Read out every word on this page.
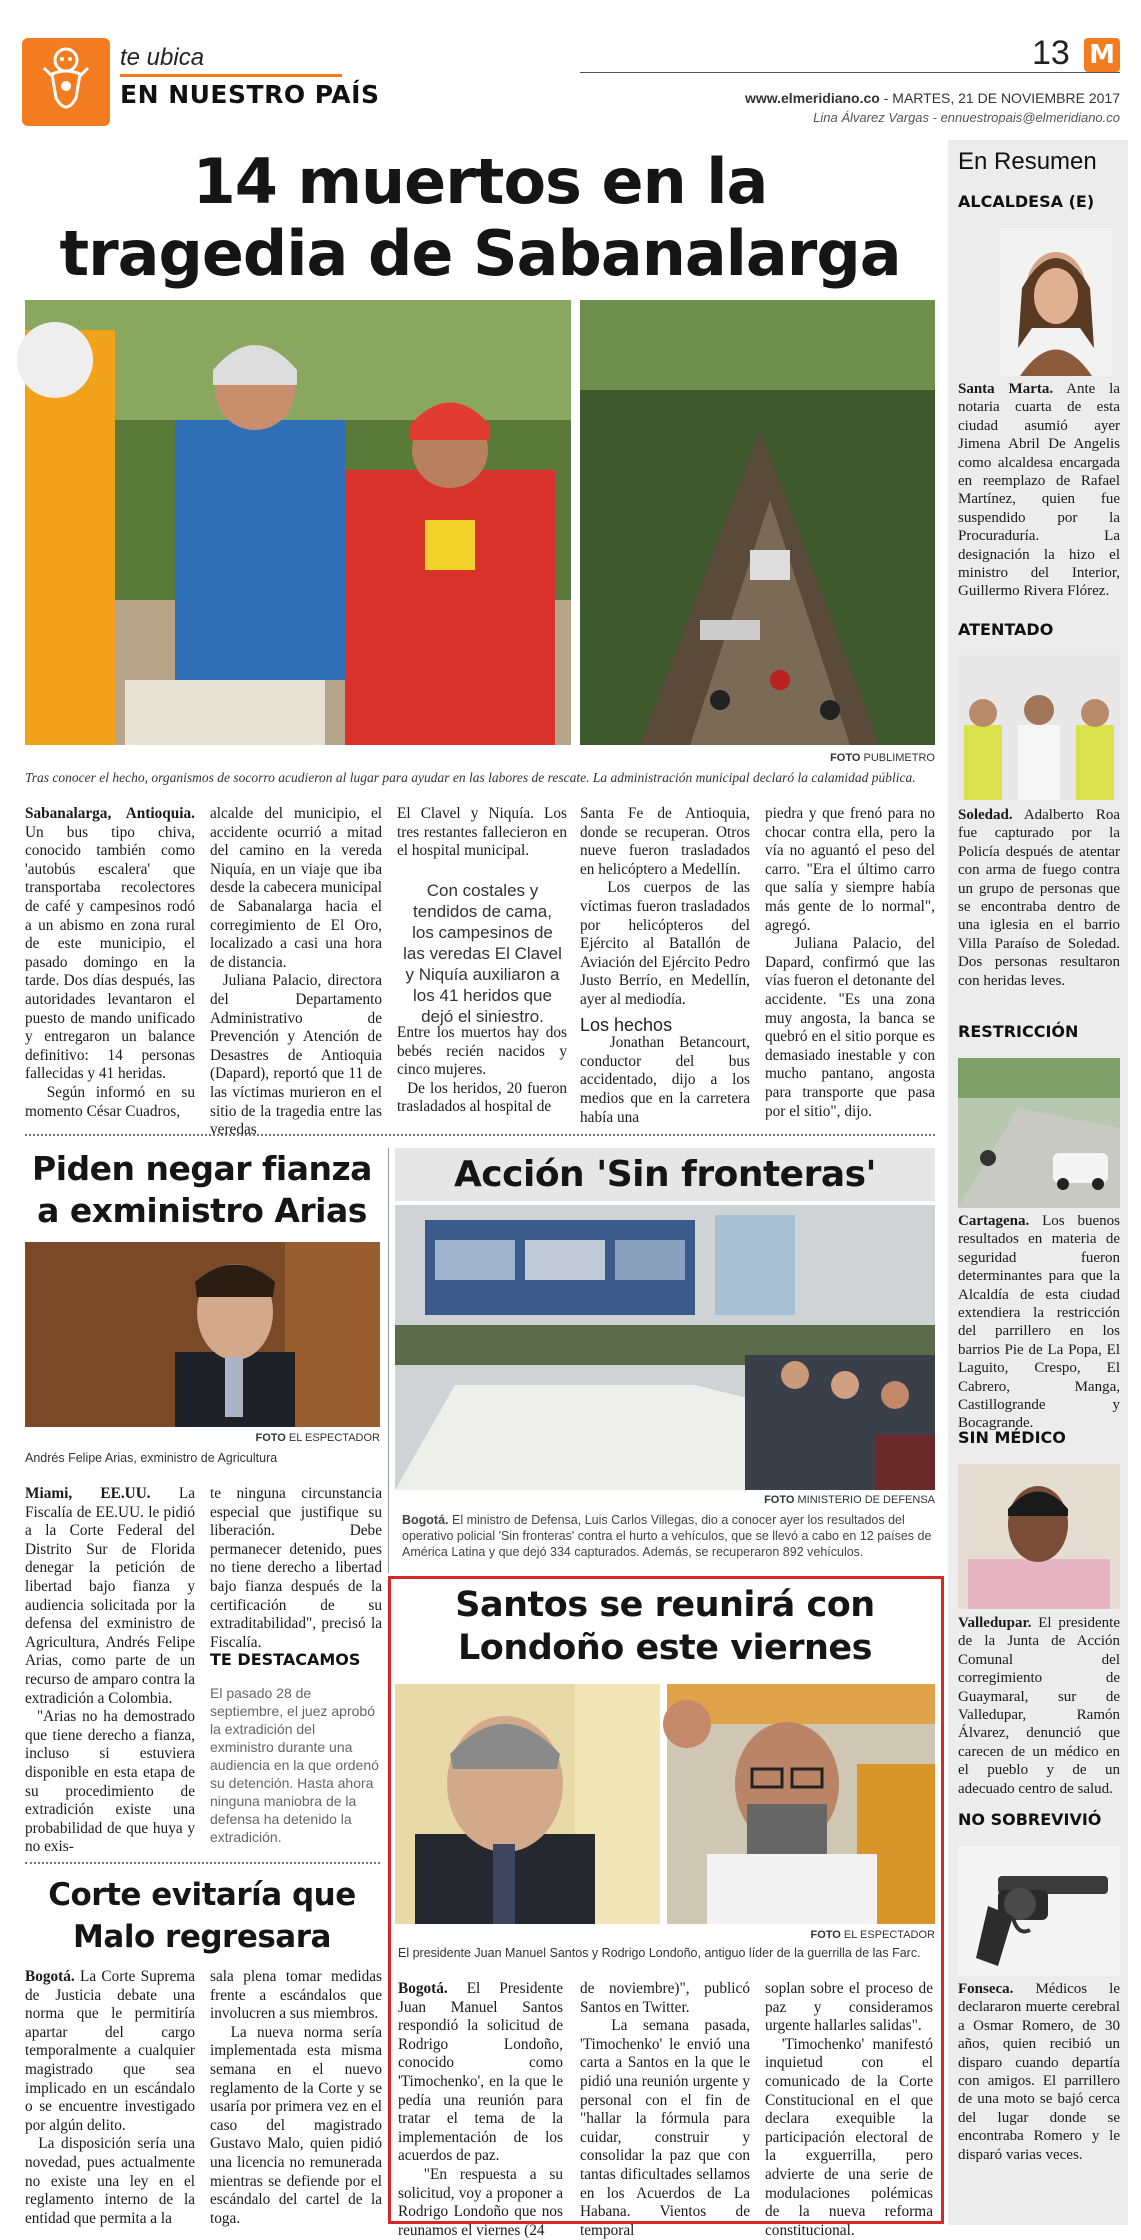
te ubica
EN NUESTRO PAÍS
13 M
www.elmeridiano.co - MARTES, 21 DE NOVIEMBRE 2017
Lina Álvarez Vargas - ennuestropais@elmeridiano.co
14 muertos en la
tragedia de Sabanalarga
FOTO PUBLIMETRO
Tras conocer el hecho, organismos de socorro acudieron al lugar para ayudar en las labores de rescate. La administración municipal declaró la calamidad pública.

Sabanalarga, Antioquia. Un bus tipo chiva, conocido también como 'autobús escalera' que transportaba recolectores de café y campesinos rodó a un abismo en zona rural de este municipio, el pasado domingo en la tarde. Dos días después, las autoridades levantaron el puesto de mando unificado y entregaron un balance definitivo: 14 personas fallecidas y 41 heridas.

Según informó en su momento César Cuadros,

alcalde del municipio, el accidente ocurrió a mitad del camino en la vereda Niquía, en un viaje que iba desde la cabecera municipal de Sabanalarga hacia el corregimiento de El Oro, localizado a casi una hora de distancia.

Juliana Palacio, directora del Departamento Administrativo de Prevención y Atención de Desastres de Antioquia (Dapard), reportó que 11 de las víctimas murieron en el sitio de la tragedia entre las veredas

El Clavel y Niquía. Los tres restantes fallecieron en el hospital municipal.

Con costales y tendidos de cama, los campesinos de las veredas El Clavel y Niquía auxiliaron a los 41 heridos que dejó el siniestro.

Entre los muertos hay dos bebés recién nacidos y cinco mujeres.

De los heridos, 20 fueron trasladados al hospital de

Santa Fe de Antioquia, donde se recuperan. Otros nueve fueron trasladados en helicóptero a Medellín.

Los cuerpos de las víctimas fueron trasladados por helicópteros del Ejército al Batallón de Aviación del Ejército Pedro Justo Berrío, en Medellín, ayer al mediodía.

Los hechos

Jonathan Betancourt, conductor del bus accidentado, dijo a los medios que en la carretera había una

piedra y que frenó para no chocar contra ella, pero la vía no aguantó el peso del carro. "Era el último carro que salía y siempre había más gente de lo normal", agregó.

Juliana Palacio, del Dapard, confirmó que las vías fueron el detonante del accidente. "Es una zona muy angosta, la banca se quebró en el sitio porque es demasiado inestable y con mucho pantano, angosta para transporte que pasa por el sitio", dijo.

Piden negar fianza
a exministro Arias
FOTO EL ESPECTADOR
Andrés Felipe Arias, exministro de Agricultura

Miami, EE.UU. La Fiscalía de EE.UU. le pidió a la Corte Federal del Distrito Sur de Florida denegar la petición de libertad bajo fianza y audiencia solicitada por la defensa del exministro de Agricultura, Andrés Felipe Arias, como parte de un recurso de amparo contra la extradición a Colombia.

"Arias no ha demostrado que tiene derecho a fianza, incluso si estuviera disponible en esta etapa de su procedimiento de extradición existe una probabilidad de que huya y no exis-

te ninguna circunstancia especial que justifique su liberación. Debe permanecer detenido, pues no tiene derecho a libertad bajo fianza después de la certificación de su extraditabilidad", precisó la Fiscalía.

TE DESTACAMOS
El pasado 28 de septiembre, el juez aprobó la extradición del exministro durante una audiencia en la que ordenó su detención. Hasta ahora ninguna maniobra de la defensa ha detenido la extradición.
Corte evitaría que
Malo regresara

Bogotá. La Corte Suprema de Justicia debate una norma que le permitiría apartar del cargo temporalmente a cualquier magistrado que sea implicado en un escándalo o se encuentre investigado por algún delito.

La disposición sería una novedad, pues actualmente no existe una ley en el reglamento interno de la entidad que permita a la

sala plena tomar medidas frente a escándalos que involucren a sus miembros.

La nueva norma sería implementada esta misma semana en el nuevo reglamento de la Corte y se usaría por primera vez en el caso del magistrado Gustavo Malo, quien pidió una licencia no remunerada mientras se defiende por el escándalo del cartel de la toga.

Acción 'Sin fronteras'
FOTO MINISTERIO DE DEFENSA
Bogotá. El ministro de Defensa, Luis Carlos Villegas, dio a conocer ayer los resultados del operativo policial 'Sin fronteras' contra el hurto a vehículos, que se llevó a cabo en 12 países de América Latina y que dejó 334 capturados. Además, se recuperaron 892 vehículos.
Santos se reunirá con
Londoño este viernes
FOTO EL ESPECTADOR
El presidente Juan Manuel Santos y Rodrigo Londoño, antiguo líder de la guerrilla de las Farc.

Bogotá. El Presidente Juan Manuel Santos respondió la solicitud de Rodrigo Londoño, conocido como 'Timochenko', en la que le pedía una reunión para tratar el tema de la implementación de los acuerdos de paz.

"En respuesta a su solicitud, voy a proponer a Rodrigo Londoño que nos reunamos el viernes (24

de noviembre)", publicó Santos en Twitter.

La semana pasada, 'Timochenko' le envió una carta a Santos en la que le pidió una reunión urgente y personal con el fin de "hallar la fórmula para cuidar, construir y consolidar la paz que con tantas dificultades sellamos en los Acuerdos de La Habana. Vientos de temporal

soplan sobre el proceso de paz y consideramos urgente hallarles salidas".

'Timochenko' manifestó inquietud con el comunicado de la Corte Constitucional en el que declara exequible la participación electoral de la exguerrilla, pero advierte de una serie de modulaciones polémicas de la nueva reforma constitucional.

En Resumen
ALCALDESA (E)
Santa Marta. Ante la notaria cuarta de esta ciudad asumió ayer Jimena Abril De Angelis como alcaldesa encargada en reemplazo de Rafael Martínez, quien fue suspendido por la Procuraduría. La designación la hizo el ministro del Interior, Guillermo Rivera Flórez.
ATENTADO
Soledad. Adalberto Roa fue capturado por la Policía después de atentar con arma de fuego contra un grupo de personas que se encontraba dentro de una iglesia en el barrio Villa Paraíso de Soledad. Dos personas resultaron con heridas leves.
RESTRICCIÓN
Cartagena. Los buenos resultados en materia de seguridad fueron determinantes para que la Alcaldía de esta ciudad extendiera la restricción del parrillero en los barrios Pie de La Popa, El Laguito, Crespo, El Cabrero, Manga, Castillogrande y Bocagrande.
SIN MÉDICO
Valledupar. El presidente de la Junta de Acción Comunal del corregimiento de Guaymaral, sur de Valledupar, Ramón Álvarez, denunció que carecen de un médico en el pueblo y de un adecuado centro de salud.
NO SOBREVIVIÓ
Fonseca. Médicos le declararon muerte cerebral a Osmar Romero, de 30 años, quien recibió un disparo cuando departía con amigos. El parrillero de una moto se bajó cerca del lugar donde se encontraba Romero y le disparó varias veces.
